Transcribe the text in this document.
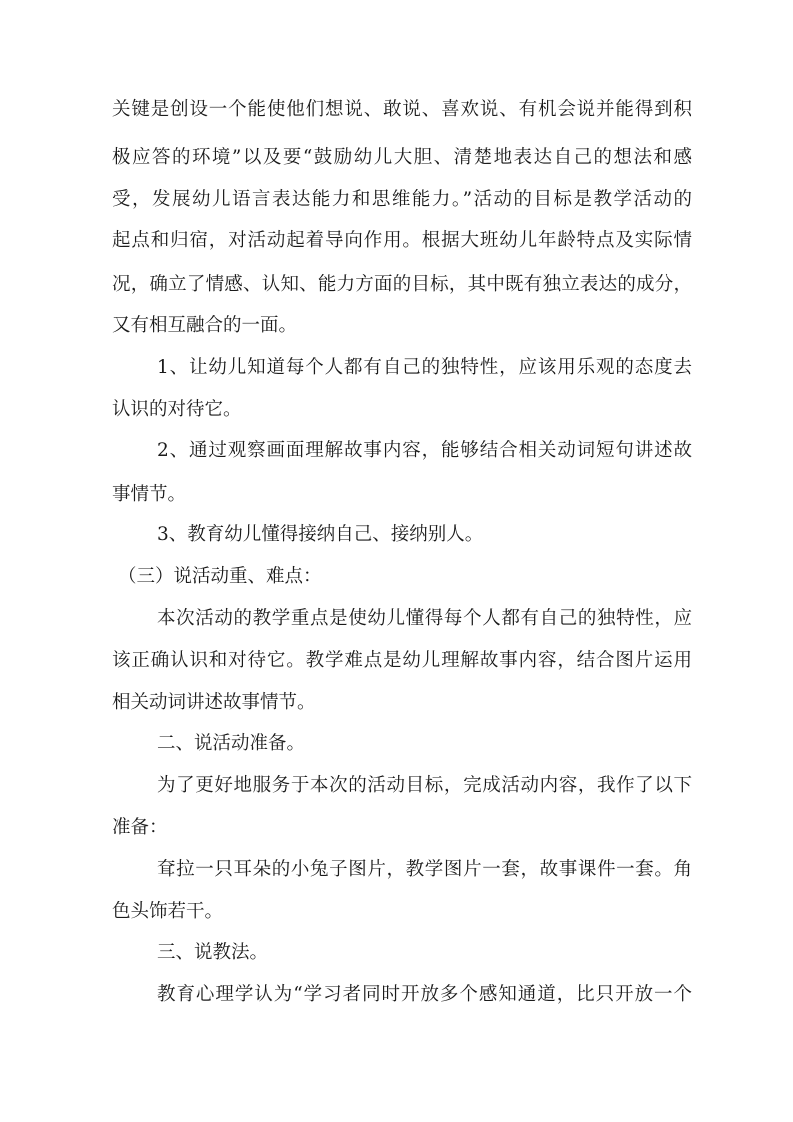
关键是创设一个能使他们想说、敢说、喜欢说、有机会说并能得到积

极应答的环境”以及要“鼓励幼儿大胆、清楚地表达自己的想法和感

受，发展幼儿语言表达能力和思维能力。”活动的目标是教学活动的

起点和归宿，对活动起着导向作用。根据大班幼儿年龄特点及实际情

况，确立了情感、认知、能力方面的目标，其中既有独立表达的成分，

又有相互融合的一面。

1、让幼儿知道每个人都有自己的独特性，应该用乐观的态度去

认识的对待它。

2、通过观察画面理解故事内容，能够结合相关动词短句讲述故

事情节。

3、教育幼儿懂得接纳自己、接纳别人。

（三）说活动重、难点：

本次活动的教学重点是使幼儿懂得每个人都有自己的独特性，应

该正确认识和对待它。教学难点是幼儿理解故事内容，结合图片运用

相关动词讲述故事情节。

二、说活动准备。

为了更好地服务于本次的活动目标，完成活动内容，我作了以下

准备：

耷拉一只耳朵的小兔子图片，教学图片一套，故事课件一套。角

色头饰若干。

三、说教法。

教育心理学认为“学习者同时开放多个感知通道，比只开放一个
